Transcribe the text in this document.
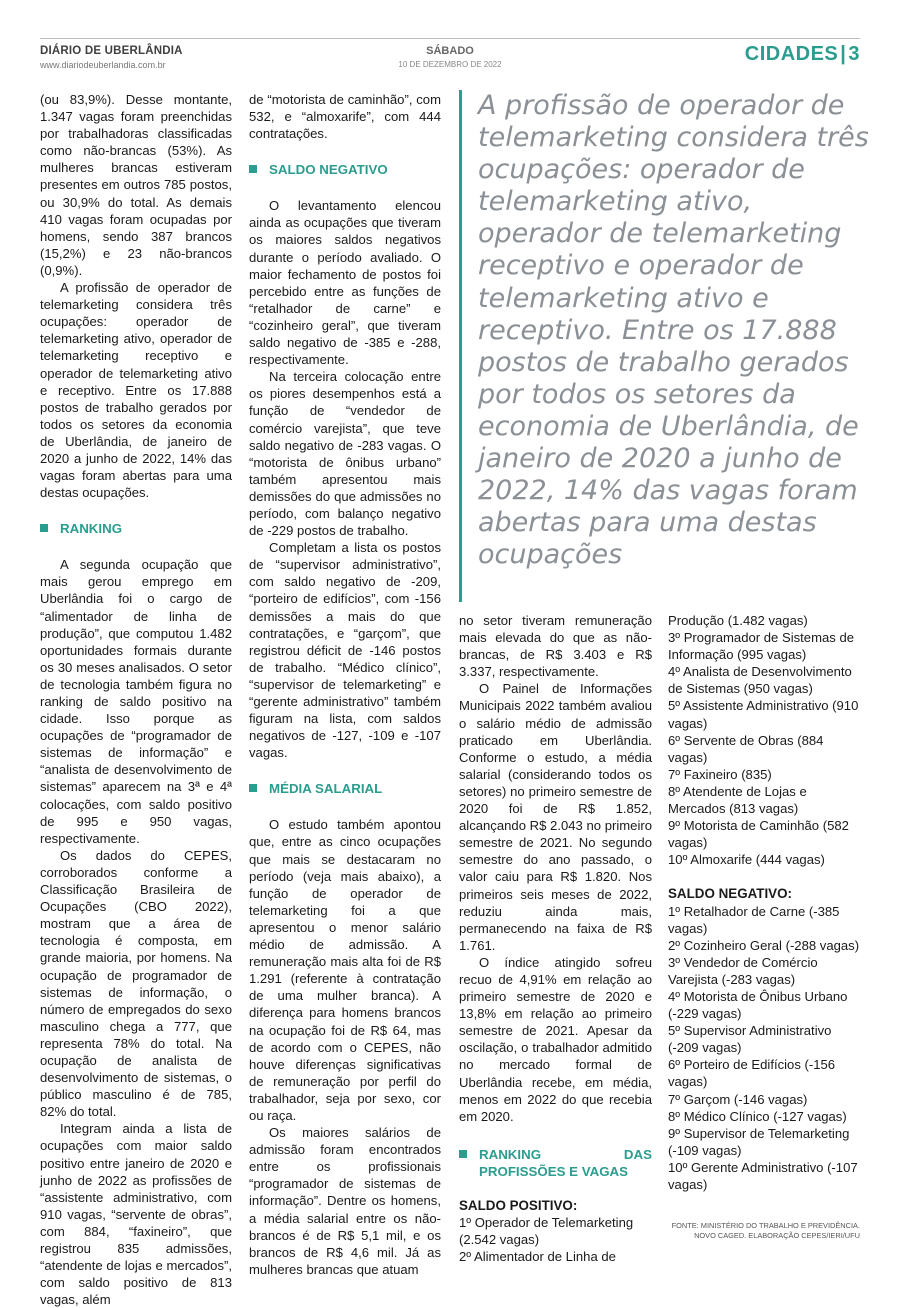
DIÁRIO DE UBERLÂNDIA
www.diariodeuberlandia.com.br
SÁBADO
10 DE DEZEMBRO DE 2022	CIDADES | 3

(ou 83,9%). Desse montante, 1.347 vagas foram preenchidas por trabalhadoras classificadas como não-brancas (53%). As mulheres brancas estiveram presentes em outros 785 postos, ou 30,9% do total. As demais 410 vagas foram ocupadas por homens, sendo 387 brancos (15,2%) e 23 não-brancos (0,9%).

A profissão de operador de telemarketing considera três ocupações: operador de telemarketing ativo, operador de telemarketing receptivo e operador de telemarketing ativo e receptivo. Entre os 17.888 postos de trabalho gerados por todos os setores da economia de Uberlândia, de janeiro de 2020 a junho de 2022, 14% das vagas foram abertas para uma destas ocupações.

RANKING

A segunda ocupação que mais gerou emprego em Uberlândia foi o cargo de “alimentador de linha de produção”, que computou 1.482 oportunidades formais durante os 30 meses analisados. O setor de tecnologia também figura no ranking de saldo positivo na cidade. Isso porque as ocupações de “programador de sistemas de informação” e “analista de desenvolvimento de sistemas” aparecem na 3ª e 4ª colocações, com saldo positivo de 995 e 950 vagas, respectivamente.

Os dados do CEPES, corroborados conforme a Classificação Brasileira de Ocupações (CBO 2022), mostram que a área de tecnologia é composta, em grande maioria, por homens. Na ocupação de programador de sistemas de informação, o número de empregados do sexo masculino chega a 777, que representa 78% do total. Na ocupação de analista de desenvolvimento de sistemas, o público masculino é de 785, 82% do total.

Integram ainda a lista de ocupações com maior saldo positivo entre janeiro de 2020 e junho de 2022 as profissões de “assistente administrativo, com 910 vagas, “servente de obras”, com 884, “faxineiro”, que registrou 835 admissões, “atendente de lojas e mercados”, com saldo positivo de 813 vagas, além

de “motorista de caminhão”, com 532, e “almoxarife”, com 444 contratações.

SALDO NEGATIVO

O levantamento elencou ainda as ocupações que tiveram os maiores saldos negativos durante o período avaliado. O maior fechamento de postos foi percebido entre as funções de “retalhador de carne” e “cozinheiro geral”, que tiveram saldo negativo de -385 e -288, respectivamente.

Na terceira colocação entre os piores desempenhos está a função de “vendedor de comércio varejista”, que teve saldo negativo de -283 vagas. O “motorista de ônibus urbano” também apresentou mais demissões do que admissões no período, com balanço negativo de -229 postos de trabalho.

Completam a lista os postos de “supervisor administrativo”, com saldo negativo de -209, “porteiro de edifícios”, com -156 demissões a mais do que contratações, e “garçom”, que registrou déficit de -146 postos de trabalho. “Médico clínico”, “supervisor de telemarketing” e “gerente administrativo” também figuram na lista, com saldos negativos de -127, -109 e -107 vagas.

MÉDIA SALARIAL

O estudo também apontou que, entre as cinco ocupações que mais se destacaram no período (veja mais abaixo), a função de operador de telemarketing foi a que apresentou o menor salário médio de admissão. A remuneração mais alta foi de R$ 1.291 (referente à contratação de uma mulher branca). A diferença para homens brancos na ocupação foi de R$ 64, mas de acordo com o CEPES, não houve diferenças significativas de remuneração por perfil do trabalhador, seja por sexo, cor ou raça.

Os maiores salários de admissão foram encontrados entre os profissionais “programador de sistemas de informação”. Dentre os homens, a média salarial entre os não-brancos é de R$ 5,1 mil, e os brancos de R$ 4,6 mil. Já as mulheres brancas que atuam

A profissão de operador de telemarketing considera três ocupações: operador de telemarketing ativo, operador de telemarketing receptivo e operador de telemarketing ativo e receptivo. Entre os 17.888 postos de trabalho gerados por todos os setores da economia de Uberlândia, de janeiro de 2020 a junho de 2022, 14% das vagas foram abertas para uma destas ocupações

no setor tiveram remuneração mais elevada do que as não-brancas, de R$ 3.403 e R$ 3.337, respectivamente.

O Painel de Informações Municipais 2022 também avaliou o salário médio de admissão praticado em Uberlândia. Conforme o estudo, a média salarial (considerando todos os setores) no primeiro semestre de 2020 foi de R$ 1.852, alcançando R$ 2.043 no primeiro semestre de 2021. No segundo semestre do ano passado, o valor caiu para R$ 1.820. Nos primeiros seis meses de 2022, reduziu ainda mais, permanecendo na faixa de R$ 1.761.

O índice atingido sofreu recuo de 4,91% em relação ao primeiro semestre de 2020 e 13,8% em relação ao primeiro semestre de 2021. Apesar da oscilação, o trabalhador admitido no mercado formal de Uberlândia recebe, em média, menos em 2022 do que recebia em 2020.

RANKING DAS PROFISSÕES E VAGAS
SALDO POSITIVO:
1º Operador de Telemarketing (2.542 vagas)
2º Alimentador de Linha de
Produção (1.482 vagas)
3º Programador de Sistemas de Informação (995 vagas)
4º Analista de Desenvolvimento de Sistemas (950 vagas)
5º Assistente Administrativo (910 vagas)
6º Servente de Obras (884 vagas)
7º Faxineiro (835)
8º Atendente de Lojas e Mercados (813 vagas)
9º Motorista de Caminhão (582 vagas)
10º Almoxarife (444 vagas)
SALDO NEGATIVO:
1º Retalhador de Carne (-385 vagas)
2º Cozinheiro Geral (-288 vagas)
3º Vendedor de Comércio Varejista (-283 vagas)
4º Motorista de Ônibus Urbano (-229 vagas)
5º Supervisor Administrativo (-209 vagas)
6º Porteiro de Edifícios (-156 vagas)
7º Garçom (-146 vagas)
8º Médico Clínico (-127 vagas)
9º Supervisor de Telemarketing (-109 vagas)
10º Gerente Administrativo (-107 vagas)
FONTE: MINISTÉRIO DO TRABALHO E PREVIDÊNCIA.
NOVO CAGED. ELABORAÇÃO CEPES/IERI/UFU
